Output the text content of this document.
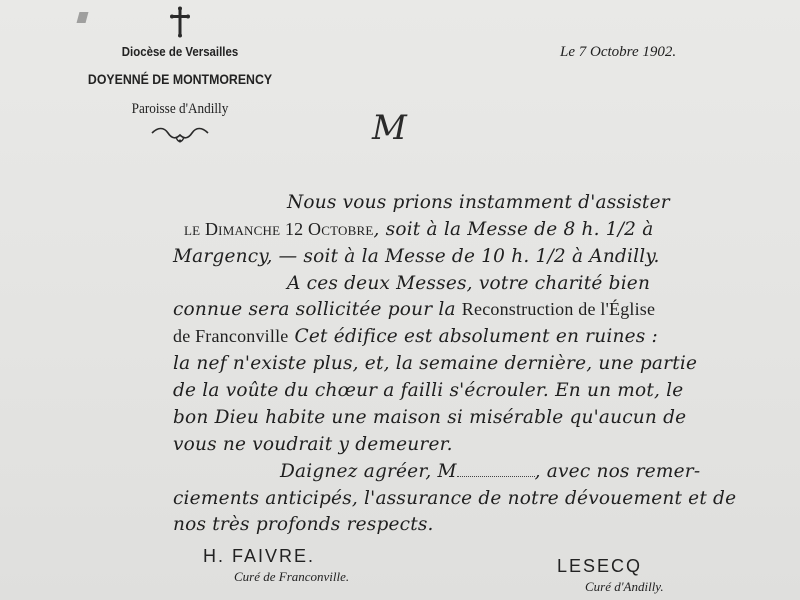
Diocèse de Versailles
DOYENNÉ DE MONTMORENCY
Paroisse d'Andilly
Le 7 Octobre 1902.
M
Nous vous prions instamment d'assister
le Dimanche 12 Octobre, soit à la Messe de 8 h. 1/2 à
Margency, — soit à la Messe de 10 h. 1/2 à Andilly.
A ces deux Messes, votre charité bien
connue sera sollicitée pour la Reconstruction de l'Église
de Franconville Cet édifice est absolument en ruines :
la nef n'existe plus, et, la semaine dernière, une partie
de la voûte du chœur a failli s'écrouler. En un mot, le
bon Dieu habite une maison si misérable qu'aucun de
vous ne voudrait y demeurer.
Daignez agréer, M	, avec nos remer-
ciements anticipés, l'assurance de notre dévouement et de
nos très profonds respects.
H. FAIVRE.
Curé de Franconville.
LESECQ
Curé d'Andilly.
